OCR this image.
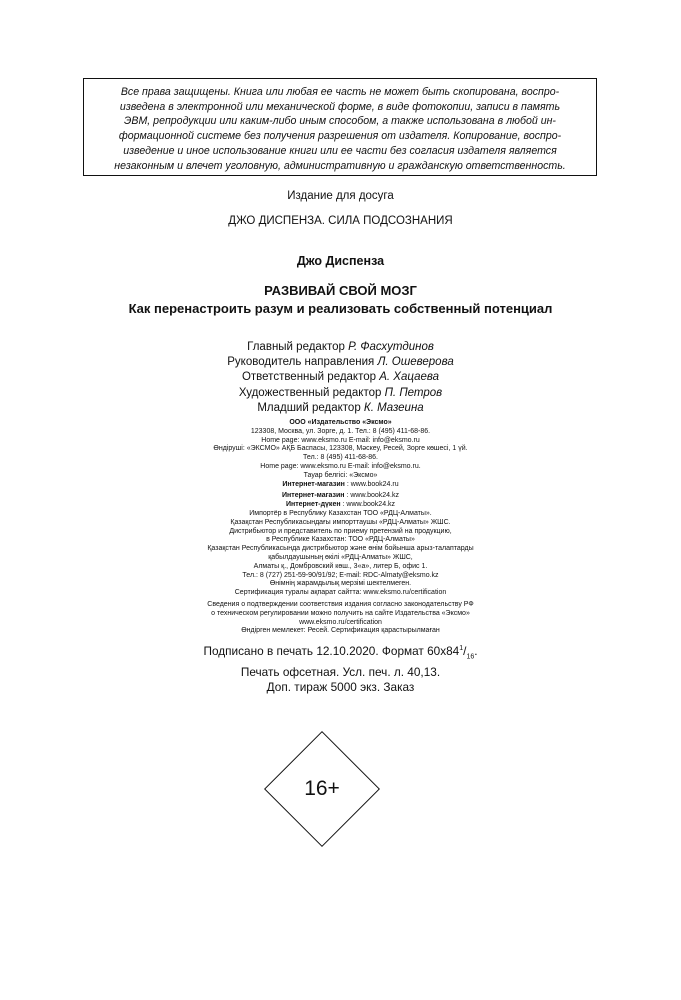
Все права защищены. Книга или любая ее часть не может быть скопирована, воспро-
изведена в электронной или механической форме, в виде фотокопии, записи в память
ЭВМ, репродукции или каким-либо иным способом, а также использована в любой ин-
формационной системе без получения разрешения от издателя. Копирование, воспро-
изведение и иное использование книги или ее части без согласия издателя является
незаконным и влечет уголовную, административную и гражданскую ответственность.
Издание для досуга
ДЖО ДИСПЕНЗА. СИЛА ПОДСОЗНАНИЯ
Джо Диспенза
РАЗВИВАЙ СВОЙ МОЗГ
Как перенастроить разум и реализовать собственный потенциал
Главный редактор Р. Фасхутдинов
Руководитель направления Л. Ошеверова
Ответственный редактор А. Хацаева
Художественный редактор П. Петров
Младший редактор К. Мазеина
ООО «Издательство «Эксмо»
123308, Москва, ул. Зорге, д. 1. Тел.: 8 (495) 411-68-86.
Home page: www.eksmo.ru E-mail: info@eksmo.ru
Өндіруші: «ЭКСМО» АҚБ Баспасы, 123308, Мәскеу, Ресей, Зорге көшесі, 1 үй.
Тел.: 8 (495) 411-68-86.
Home page: www.eksmo.ru E-mail: info@eksmo.ru.
Тауар белгісі: «Эксмо»
Интернет-магазин : www.book24.ru
Интернет-магазин : www.book24.kz
Интернет-дүкен : www.book24.kz
Импортёр в Республику Казахстан ТОО «РДЦ-Алматы».
Қазақстан Республикасындағы импорттаушы «РДЦ-Алматы» ЖШС.
Дистрибьютор и представитель по приему претензий на продукцию,
в Республике Казахстан: ТОО «РДЦ-Алматы»
Қазақстан Республикасында дистрибьютор және өнім бойынша арыз-талаптарды
қабылдаушының өкілі «РДЦ-Алматы» ЖШС,
Алматы қ., Домбровский көш., 3«а», литер Б, офис 1.
Тел.: 8 (727) 251-59-90/91/92; E-mail: RDC-Almaty@eksmo.kz
Өнімнің жарамдылық мерзімі шектелмеген.
Сертификация туралы ақпарат сайтта: www.eksmo.ru/certification
Сведения о подтверждении соответствия издания согласно законодательству РФ
о техническом регулировании можно получить на сайте Издательства «Эксмо»
www.eksmo.ru/certification
Өндірген мемлекет: Ресей. Сертификация қарастырылмаған
Подписано в печать 12.10.2020. Формат $60x84^1/_{16}$.
Печать офсетная. Усл. печ. л. 40,13.
Доп. тираж 5000 экз. Заказ
16+
